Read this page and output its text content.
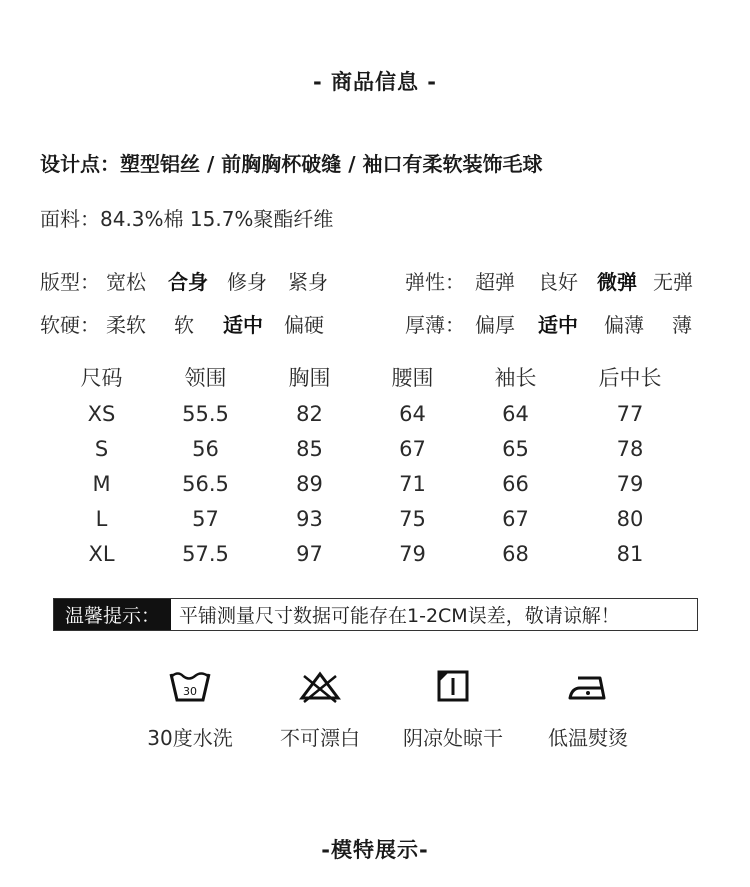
- 商品信息 -
设计点：塑型铝丝 / 前胸胸杯破缝 / 袖口有柔软装饰毛球
面料：84.3%棉 15.7%聚酯纤维
版型： 宽松 合身 修身 紧身	弹性： 超弹 良好 微弹 无弹
软硬： 柔软 软 适中 偏硬	厚薄： 偏厚 适中 偏薄 薄
尺码	领围	胸围	腰围	袖长	后中长
XS	55.5	82	64	64	77
S	56	85	67	65	78
M	56.5	89	71	66	79
L	57	93	75	67	80
XL	57.5	97	79	68	81
温馨提示：	平铺测量尺寸数据可能存在1-2CM误差，敬请谅解！
30
30度水洗	不可漂白	阴凉处晾干	低温熨烫
-模特展示-
